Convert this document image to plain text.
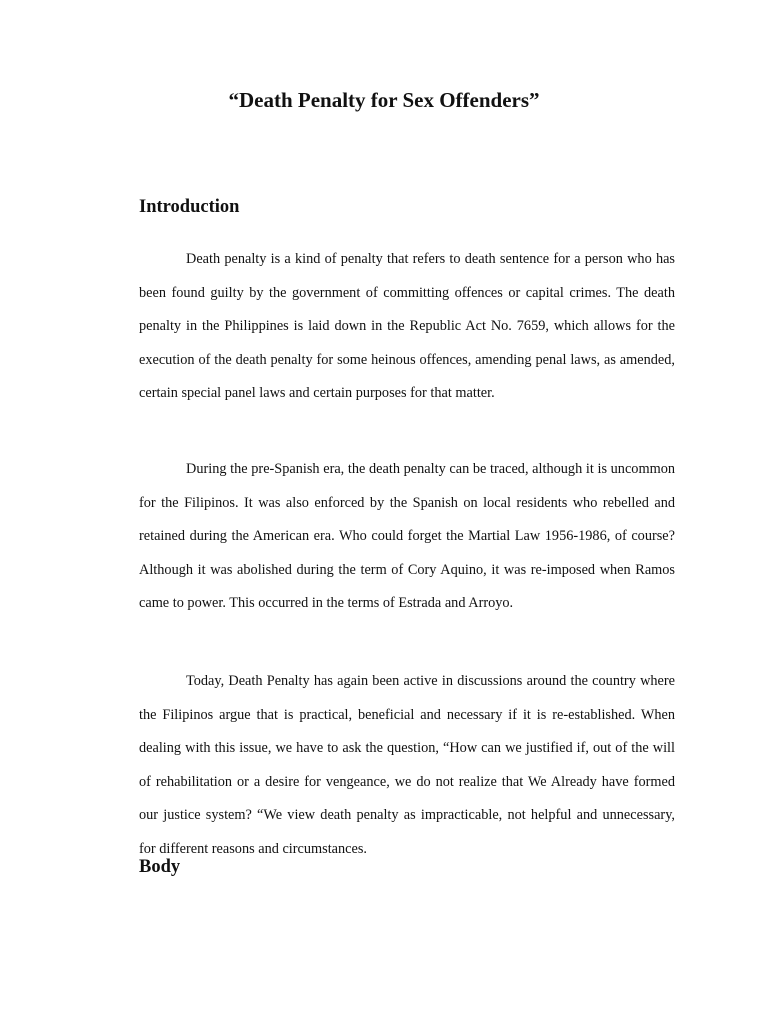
“Death Penalty for Sex Offenders”
Introduction

Death penalty is a kind of penalty that refers to death sentence for a person who has been found guilty by the government of committing offences or capital crimes. The death penalty in the Philippines is laid down in the Republic Act No. 7659, which allows for the execution of the death penalty for some heinous offences, amending penal laws, as amended, certain special panel laws and certain purposes for that matter.

During the pre-Spanish era, the death penalty can be traced, although it is uncommon for the Filipinos. It was also enforced by the Spanish on local residents who rebelled and retained during the American era. Who could forget the Martial Law 1956-1986, of course? Although it was abolished during the term of Cory Aquino, it was re-imposed when Ramos came to power. This occurred in the terms of Estrada and Arroyo.

Today, Death Penalty has again been active in discussions around the country where the Filipinos argue that is practical, beneficial and necessary if it is re-established. When dealing with this issue, we have to ask the question, “How can we justified if, out of the will of rehabilitation or a desire for vengeance, we do not realize that We Already have formed our justice system? “We view death penalty as impracticable, not helpful and unnecessary, for different reasons and circumstances.

Body
